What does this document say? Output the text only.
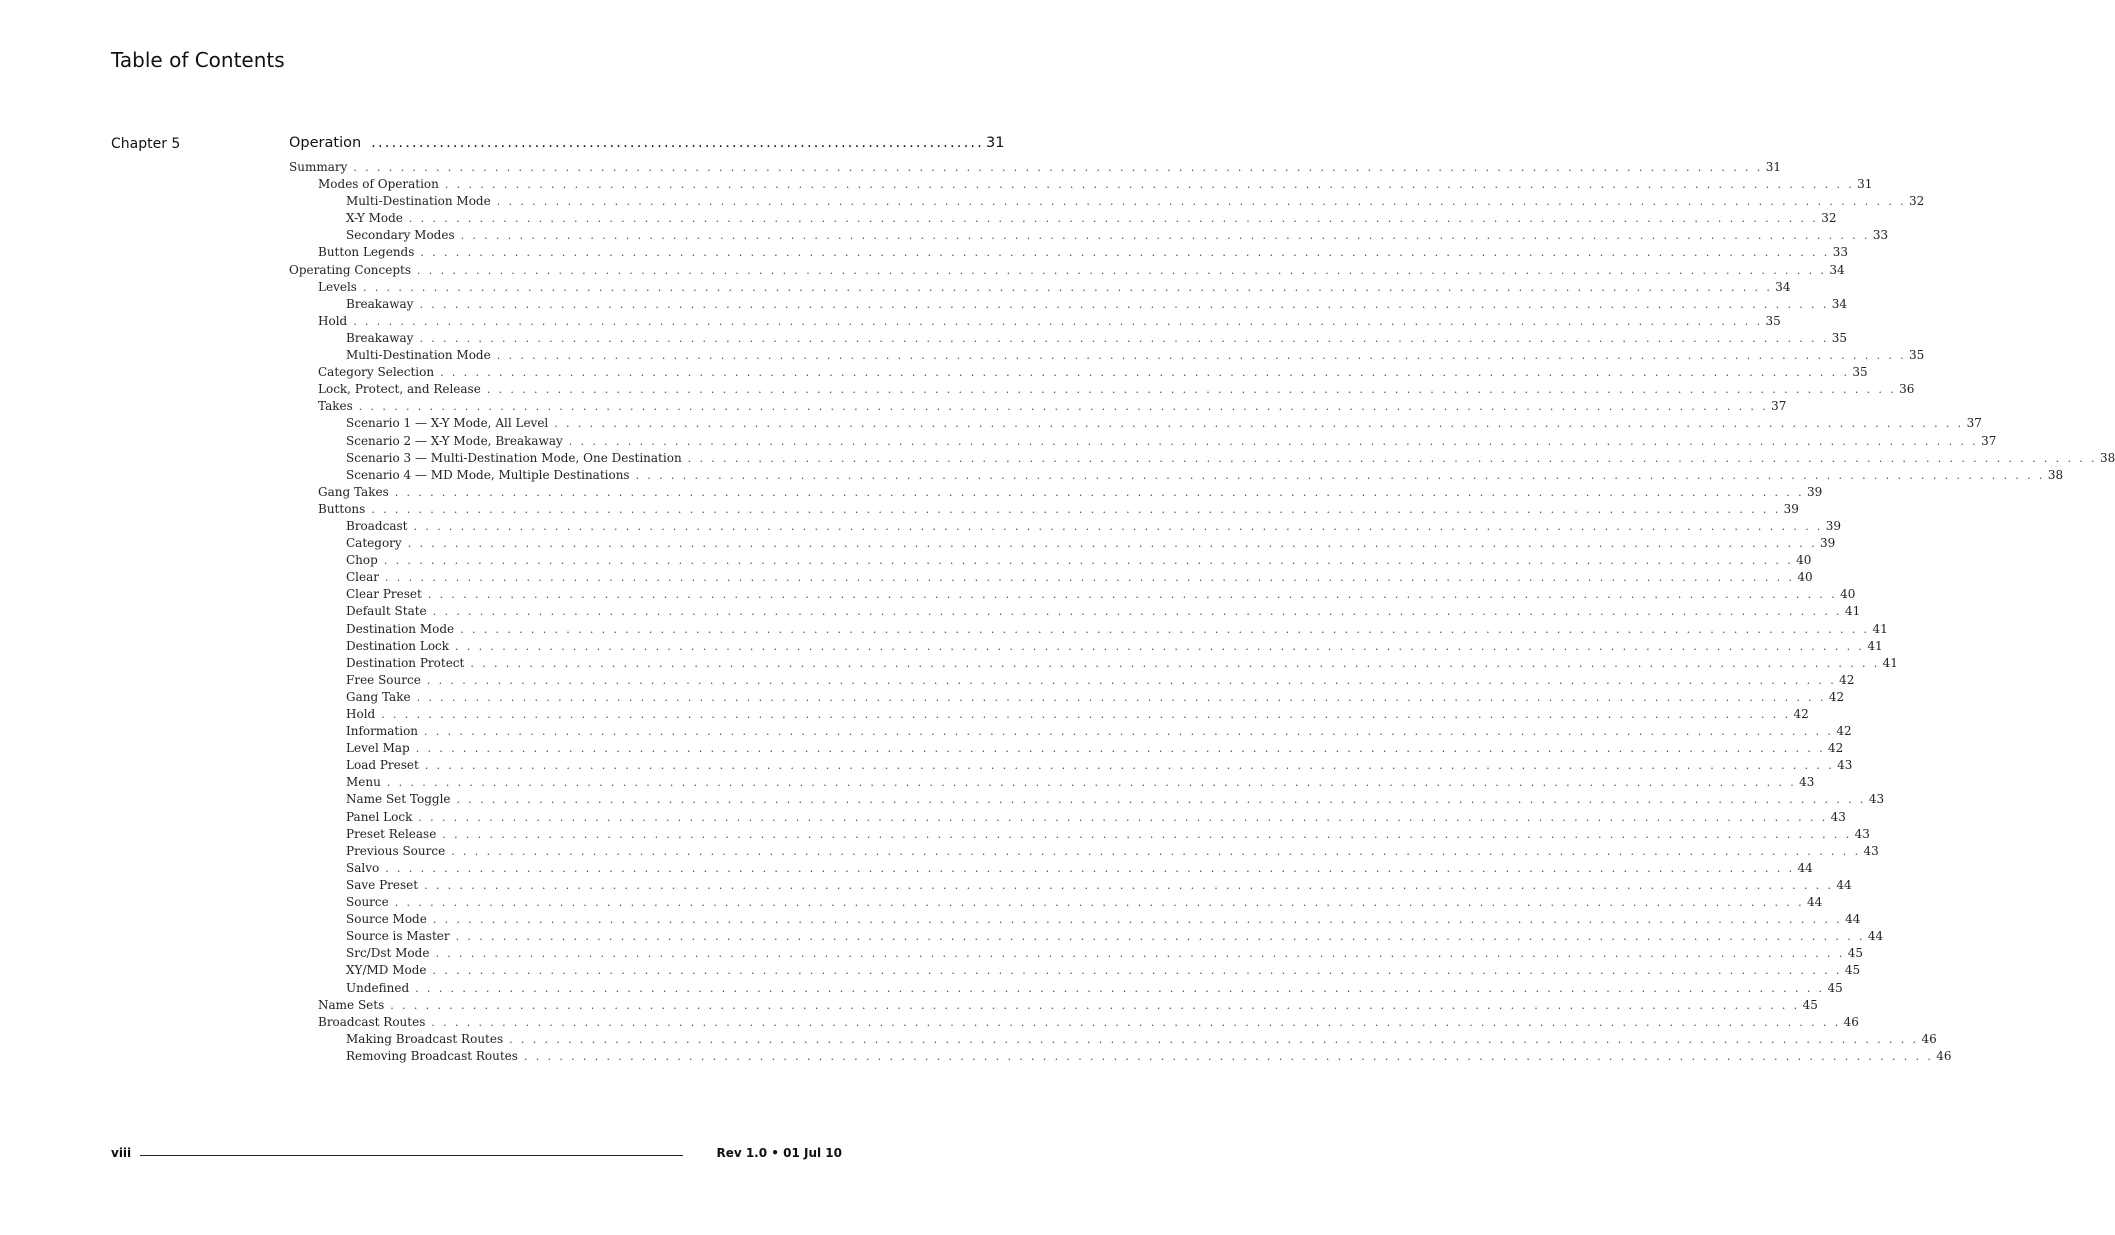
Table of Contents
Chapter 5	Operation .......................................................................................... 31
Summary . . . . . . . . . . . . . . . . . . . . . . . . . . . . . . . . . . . . . . . . . . . . . . . . . . . . . . . . . . . . . . . . . . . . . . . . . . . . . . . . . . . . . . . . . . . . . . . . . . . . . . . . . . . . . . . . . . . . . . . . 31
Modes of Operation . . . . . . . . . . . . . . . . . . . . . . . . . . . . . . . . . . . . . . . . . . . . . . . . . . . . . . . . . . . . . . . . . . . . . . . . . . . . . . . . . . . . . . . . . . . . . . . . . . . . . . . . . . . . . . . . . . . . . . . . 31
Multi-Destination Mode . . . . . . . . . . . . . . . . . . . . . . . . . . . . . . . . . . . . . . . . . . . . . . . . . . . . . . . . . . . . . . . . . . . . . . . . . . . . . . . . . . . . . . . . . . . . . . . . . . . . . . . . . . . . . . . . . . . . . . . . 32
X-Y Mode . . . . . . . . . . . . . . . . . . . . . . . . . . . . . . . . . . . . . . . . . . . . . . . . . . . . . . . . . . . . . . . . . . . . . . . . . . . . . . . . . . . . . . . . . . . . . . . . . . . . . . . . . . . . . . . . . . . . . . . . 32
Secondary Modes . . . . . . . . . . . . . . . . . . . . . . . . . . . . . . . . . . . . . . . . . . . . . . . . . . . . . . . . . . . . . . . . . . . . . . . . . . . . . . . . . . . . . . . . . . . . . . . . . . . . . . . . . . . . . . . . . . . . . . . . 33
Button Legends . . . . . . . . . . . . . . . . . . . . . . . . . . . . . . . . . . . . . . . . . . . . . . . . . . . . . . . . . . . . . . . . . . . . . . . . . . . . . . . . . . . . . . . . . . . . . . . . . . . . . . . . . . . . . . . . . . . . . . . . 33
Operating Concepts . . . . . . . . . . . . . . . . . . . . . . . . . . . . . . . . . . . . . . . . . . . . . . . . . . . . . . . . . . . . . . . . . . . . . . . . . . . . . . . . . . . . . . . . . . . . . . . . . . . . . . . . . . . . . . . . . . . . . . . . 34
Levels . . . . . . . . . . . . . . . . . . . . . . . . . . . . . . . . . . . . . . . . . . . . . . . . . . . . . . . . . . . . . . . . . . . . . . . . . . . . . . . . . . . . . . . . . . . . . . . . . . . . . . . . . . . . . . . . . . . . . . . . 34
Breakaway . . . . . . . . . . . . . . . . . . . . . . . . . . . . . . . . . . . . . . . . . . . . . . . . . . . . . . . . . . . . . . . . . . . . . . . . . . . . . . . . . . . . . . . . . . . . . . . . . . . . . . . . . . . . . . . . . . . . . . . . 34
Hold . . . . . . . . . . . . . . . . . . . . . . . . . . . . . . . . . . . . . . . . . . . . . . . . . . . . . . . . . . . . . . . . . . . . . . . . . . . . . . . . . . . . . . . . . . . . . . . . . . . . . . . . . . . . . . . . . . . . . . . . 35
Breakaway . . . . . . . . . . . . . . . . . . . . . . . . . . . . . . . . . . . . . . . . . . . . . . . . . . . . . . . . . . . . . . . . . . . . . . . . . . . . . . . . . . . . . . . . . . . . . . . . . . . . . . . . . . . . . . . . . . . . . . . . 35
Multi-Destination Mode . . . . . . . . . . . . . . . . . . . . . . . . . . . . . . . . . . . . . . . . . . . . . . . . . . . . . . . . . . . . . . . . . . . . . . . . . . . . . . . . . . . . . . . . . . . . . . . . . . . . . . . . . . . . . . . . . . . . . . . . 35
Category Selection . . . . . . . . . . . . . . . . . . . . . . . . . . . . . . . . . . . . . . . . . . . . . . . . . . . . . . . . . . . . . . . . . . . . . . . . . . . . . . . . . . . . . . . . . . . . . . . . . . . . . . . . . . . . . . . . . . . . . . . . 35
Lock, Protect, and Release . . . . . . . . . . . . . . . . . . . . . . . . . . . . . . . . . . . . . . . . . . . . . . . . . . . . . . . . . . . . . . . . . . . . . . . . . . . . . . . . . . . . . . . . . . . . . . . . . . . . . . . . . . . . . . . . . . . . . . . . 36
Takes . . . . . . . . . . . . . . . . . . . . . . . . . . . . . . . . . . . . . . . . . . . . . . . . . . . . . . . . . . . . . . . . . . . . . . . . . . . . . . . . . . . . . . . . . . . . . . . . . . . . . . . . . . . . . . . . . . . . . . . . 37
Scenario 1 — X-Y Mode, All Level . . . . . . . . . . . . . . . . . . . . . . . . . . . . . . . . . . . . . . . . . . . . . . . . . . . . . . . . . . . . . . . . . . . . . . . . . . . . . . . . . . . . . . . . . . . . . . . . . . . . . . . . . . . . . . . . . . . . . . . . 37
Scenario 2 — X-Y Mode, Breakaway . . . . . . . . . . . . . . . . . . . . . . . . . . . . . . . . . . . . . . . . . . . . . . . . . . . . . . . . . . . . . . . . . . . . . . . . . . . . . . . . . . . . . . . . . . . . . . . . . . . . . . . . . . . . . . . . . . . . . . . . 37
Scenario 3 — Multi-Destination Mode, One Destination . . . . . . . . . . . . . . . . . . . . . . . . . . . . . . . . . . . . . . . . . . . . . . . . . . . . . . . . . . . . . . . . . . . . . . . . . . . . . . . . . . . . . . . . . . . . . . . . . . . . . . . . . . . . . . . . . . . . . . . . 38
Scenario 4 — MD Mode, Multiple Destinations . . . . . . . . . . . . . . . . . . . . . . . . . . . . . . . . . . . . . . . . . . . . . . . . . . . . . . . . . . . . . . . . . . . . . . . . . . . . . . . . . . . . . . . . . . . . . . . . . . . . . . . . . . . . . . . . . . . . . . . . 38
Gang Takes . . . . . . . . . . . . . . . . . . . . . . . . . . . . . . . . . . . . . . . . . . . . . . . . . . . . . . . . . . . . . . . . . . . . . . . . . . . . . . . . . . . . . . . . . . . . . . . . . . . . . . . . . . . . . . . . . . . . . . . . 39
Buttons . . . . . . . . . . . . . . . . . . . . . . . . . . . . . . . . . . . . . . . . . . . . . . . . . . . . . . . . . . . . . . . . . . . . . . . . . . . . . . . . . . . . . . . . . . . . . . . . . . . . . . . . . . . . . . . . . . . . . . . . 39
Broadcast . . . . . . . . . . . . . . . . . . . . . . . . . . . . . . . . . . . . . . . . . . . . . . . . . . . . . . . . . . . . . . . . . . . . . . . . . . . . . . . . . . . . . . . . . . . . . . . . . . . . . . . . . . . . . . . . . . . . . . . . 39
Category . . . . . . . . . . . . . . . . . . . . . . . . . . . . . . . . . . . . . . . . . . . . . . . . . . . . . . . . . . . . . . . . . . . . . . . . . . . . . . . . . . . . . . . . . . . . . . . . . . . . . . . . . . . . . . . . . . . . . . . . 39
Chop . . . . . . . . . . . . . . . . . . . . . . . . . . . . . . . . . . . . . . . . . . . . . . . . . . . . . . . . . . . . . . . . . . . . . . . . . . . . . . . . . . . . . . . . . . . . . . . . . . . . . . . . . . . . . . . . . . . . . . . . 40
Clear . . . . . . . . . . . . . . . . . . . . . . . . . . . . . . . . . . . . . . . . . . . . . . . . . . . . . . . . . . . . . . . . . . . . . . . . . . . . . . . . . . . . . . . . . . . . . . . . . . . . . . . . . . . . . . . . . . . . . . . . 40
Clear Preset . . . . . . . . . . . . . . . . . . . . . . . . . . . . . . . . . . . . . . . . . . . . . . . . . . . . . . . . . . . . . . . . . . . . . . . . . . . . . . . . . . . . . . . . . . . . . . . . . . . . . . . . . . . . . . . . . . . . . . . . 40
Default State . . . . . . . . . . . . . . . . . . . . . . . . . . . . . . . . . . . . . . . . . . . . . . . . . . . . . . . . . . . . . . . . . . . . . . . . . . . . . . . . . . . . . . . . . . . . . . . . . . . . . . . . . . . . . . . . . . . . . . . . 41
Destination Mode . . . . . . . . . . . . . . . . . . . . . . . . . . . . . . . . . . . . . . . . . . . . . . . . . . . . . . . . . . . . . . . . . . . . . . . . . . . . . . . . . . . . . . . . . . . . . . . . . . . . . . . . . . . . . . . . . . . . . . . . 41
Destination Lock . . . . . . . . . . . . . . . . . . . . . . . . . . . . . . . . . . . . . . . . . . . . . . . . . . . . . . . . . . . . . . . . . . . . . . . . . . . . . . . . . . . . . . . . . . . . . . . . . . . . . . . . . . . . . . . . . . . . . . . . 41
Destination Protect . . . . . . . . . . . . . . . . . . . . . . . . . . . . . . . . . . . . . . . . . . . . . . . . . . . . . . . . . . . . . . . . . . . . . . . . . . . . . . . . . . . . . . . . . . . . . . . . . . . . . . . . . . . . . . . . . . . . . . . . 41
Free Source . . . . . . . . . . . . . . . . . . . . . . . . . . . . . . . . . . . . . . . . . . . . . . . . . . . . . . . . . . . . . . . . . . . . . . . . . . . . . . . . . . . . . . . . . . . . . . . . . . . . . . . . . . . . . . . . . . . . . . . . 42
Gang Take . . . . . . . . . . . . . . . . . . . . . . . . . . . . . . . . . . . . . . . . . . . . . . . . . . . . . . . . . . . . . . . . . . . . . . . . . . . . . . . . . . . . . . . . . . . . . . . . . . . . . . . . . . . . . . . . . . . . . . . . 42
Hold . . . . . . . . . . . . . . . . . . . . . . . . . . . . . . . . . . . . . . . . . . . . . . . . . . . . . . . . . . . . . . . . . . . . . . . . . . . . . . . . . . . . . . . . . . . . . . . . . . . . . . . . . . . . . . . . . . . . . . . . 42
Information . . . . . . . . . . . . . . . . . . . . . . . . . . . . . . . . . . . . . . . . . . . . . . . . . . . . . . . . . . . . . . . . . . . . . . . . . . . . . . . . . . . . . . . . . . . . . . . . . . . . . . . . . . . . . . . . . . . . . . . . 42
Level Map . . . . . . . . . . . . . . . . . . . . . . . . . . . . . . . . . . . . . . . . . . . . . . . . . . . . . . . . . . . . . . . . . . . . . . . . . . . . . . . . . . . . . . . . . . . . . . . . . . . . . . . . . . . . . . . . . . . . . . . . 42
Load Preset . . . . . . . . . . . . . . . . . . . . . . . . . . . . . . . . . . . . . . . . . . . . . . . . . . . . . . . . . . . . . . . . . . . . . . . . . . . . . . . . . . . . . . . . . . . . . . . . . . . . . . . . . . . . . . . . . . . . . . . . 43
Menu . . . . . . . . . . . . . . . . . . . . . . . . . . . . . . . . . . . . . . . . . . . . . . . . . . . . . . . . . . . . . . . . . . . . . . . . . . . . . . . . . . . . . . . . . . . . . . . . . . . . . . . . . . . . . . . . . . . . . . . . 43
Name Set Toggle . . . . . . . . . . . . . . . . . . . . . . . . . . . . . . . . . . . . . . . . . . . . . . . . . . . . . . . . . . . . . . . . . . . . . . . . . . . . . . . . . . . . . . . . . . . . . . . . . . . . . . . . . . . . . . . . . . . . . . . . 43
Panel Lock . . . . . . . . . . . . . . . . . . . . . . . . . . . . . . . . . . . . . . . . . . . . . . . . . . . . . . . . . . . . . . . . . . . . . . . . . . . . . . . . . . . . . . . . . . . . . . . . . . . . . . . . . . . . . . . . . . . . . . . . 43
Preset Release . . . . . . . . . . . . . . . . . . . . . . . . . . . . . . . . . . . . . . . . . . . . . . . . . . . . . . . . . . . . . . . . . . . . . . . . . . . . . . . . . . . . . . . . . . . . . . . . . . . . . . . . . . . . . . . . . . . . . . . . 43
Previous Source . . . . . . . . . . . . . . . . . . . . . . . . . . . . . . . . . . . . . . . . . . . . . . . . . . . . . . . . . . . . . . . . . . . . . . . . . . . . . . . . . . . . . . . . . . . . . . . . . . . . . . . . . . . . . . . . . . . . . . . . 43
Salvo . . . . . . . . . . . . . . . . . . . . . . . . . . . . . . . . . . . . . . . . . . . . . . . . . . . . . . . . . . . . . . . . . . . . . . . . . . . . . . . . . . . . . . . . . . . . . . . . . . . . . . . . . . . . . . . . . . . . . . . . 44
Save Preset . . . . . . . . . . . . . . . . . . . . . . . . . . . . . . . . . . . . . . . . . . . . . . . . . . . . . . . . . . . . . . . . . . . . . . . . . . . . . . . . . . . . . . . . . . . . . . . . . . . . . . . . . . . . . . . . . . . . . . . . 44
Source . . . . . . . . . . . . . . . . . . . . . . . . . . . . . . . . . . . . . . . . . . . . . . . . . . . . . . . . . . . . . . . . . . . . . . . . . . . . . . . . . . . . . . . . . . . . . . . . . . . . . . . . . . . . . . . . . . . . . . . . 44
Source Mode . . . . . . . . . . . . . . . . . . . . . . . . . . . . . . . . . . . . . . . . . . . . . . . . . . . . . . . . . . . . . . . . . . . . . . . . . . . . . . . . . . . . . . . . . . . . . . . . . . . . . . . . . . . . . . . . . . . . . . . . 44
Source is Master . . . . . . . . . . . . . . . . . . . . . . . . . . . . . . . . . . . . . . . . . . . . . . . . . . . . . . . . . . . . . . . . . . . . . . . . . . . . . . . . . . . . . . . . . . . . . . . . . . . . . . . . . . . . . . . . . . . . . . . . 44
Src/Dst Mode . . . . . . . . . . . . . . . . . . . . . . . . . . . . . . . . . . . . . . . . . . . . . . . . . . . . . . . . . . . . . . . . . . . . . . . . . . . . . . . . . . . . . . . . . . . . . . . . . . . . . . . . . . . . . . . . . . . . . . . . 45
XY/MD Mode . . . . . . . . . . . . . . . . . . . . . . . . . . . . . . . . . . . . . . . . . . . . . . . . . . . . . . . . . . . . . . . . . . . . . . . . . . . . . . . . . . . . . . . . . . . . . . . . . . . . . . . . . . . . . . . . . . . . . . . . 45
Undefined . . . . . . . . . . . . . . . . . . . . . . . . . . . . . . . . . . . . . . . . . . . . . . . . . . . . . . . . . . . . . . . . . . . . . . . . . . . . . . . . . . . . . . . . . . . . . . . . . . . . . . . . . . . . . . . . . . . . . . . . 45
Name Sets . . . . . . . . . . . . . . . . . . . . . . . . . . . . . . . . . . . . . . . . . . . . . . . . . . . . . . . . . . . . . . . . . . . . . . . . . . . . . . . . . . . . . . . . . . . . . . . . . . . . . . . . . . . . . . . . . . . . . . . . 45
Broadcast Routes . . . . . . . . . . . . . . . . . . . . . . . . . . . . . . . . . . . . . . . . . . . . . . . . . . . . . . . . . . . . . . . . . . . . . . . . . . . . . . . . . . . . . . . . . . . . . . . . . . . . . . . . . . . . . . . . . . . . . . . . 46
Making Broadcast Routes . . . . . . . . . . . . . . . . . . . . . . . . . . . . . . . . . . . . . . . . . . . . . . . . . . . . . . . . . . . . . . . . . . . . . . . . . . . . . . . . . . . . . . . . . . . . . . . . . . . . . . . . . . . . . . . . . . . . . . . . 46
Removing Broadcast Routes . . . . . . . . . . . . . . . . . . . . . . . . . . . . . . . . . . . . . . . . . . . . . . . . . . . . . . . . . . . . . . . . . . . . . . . . . . . . . . . . . . . . . . . . . . . . . . . . . . . . . . . . . . . . . . . . . . . . . . . . 46
viii	Rev 1.0 • 01 Jul 10
